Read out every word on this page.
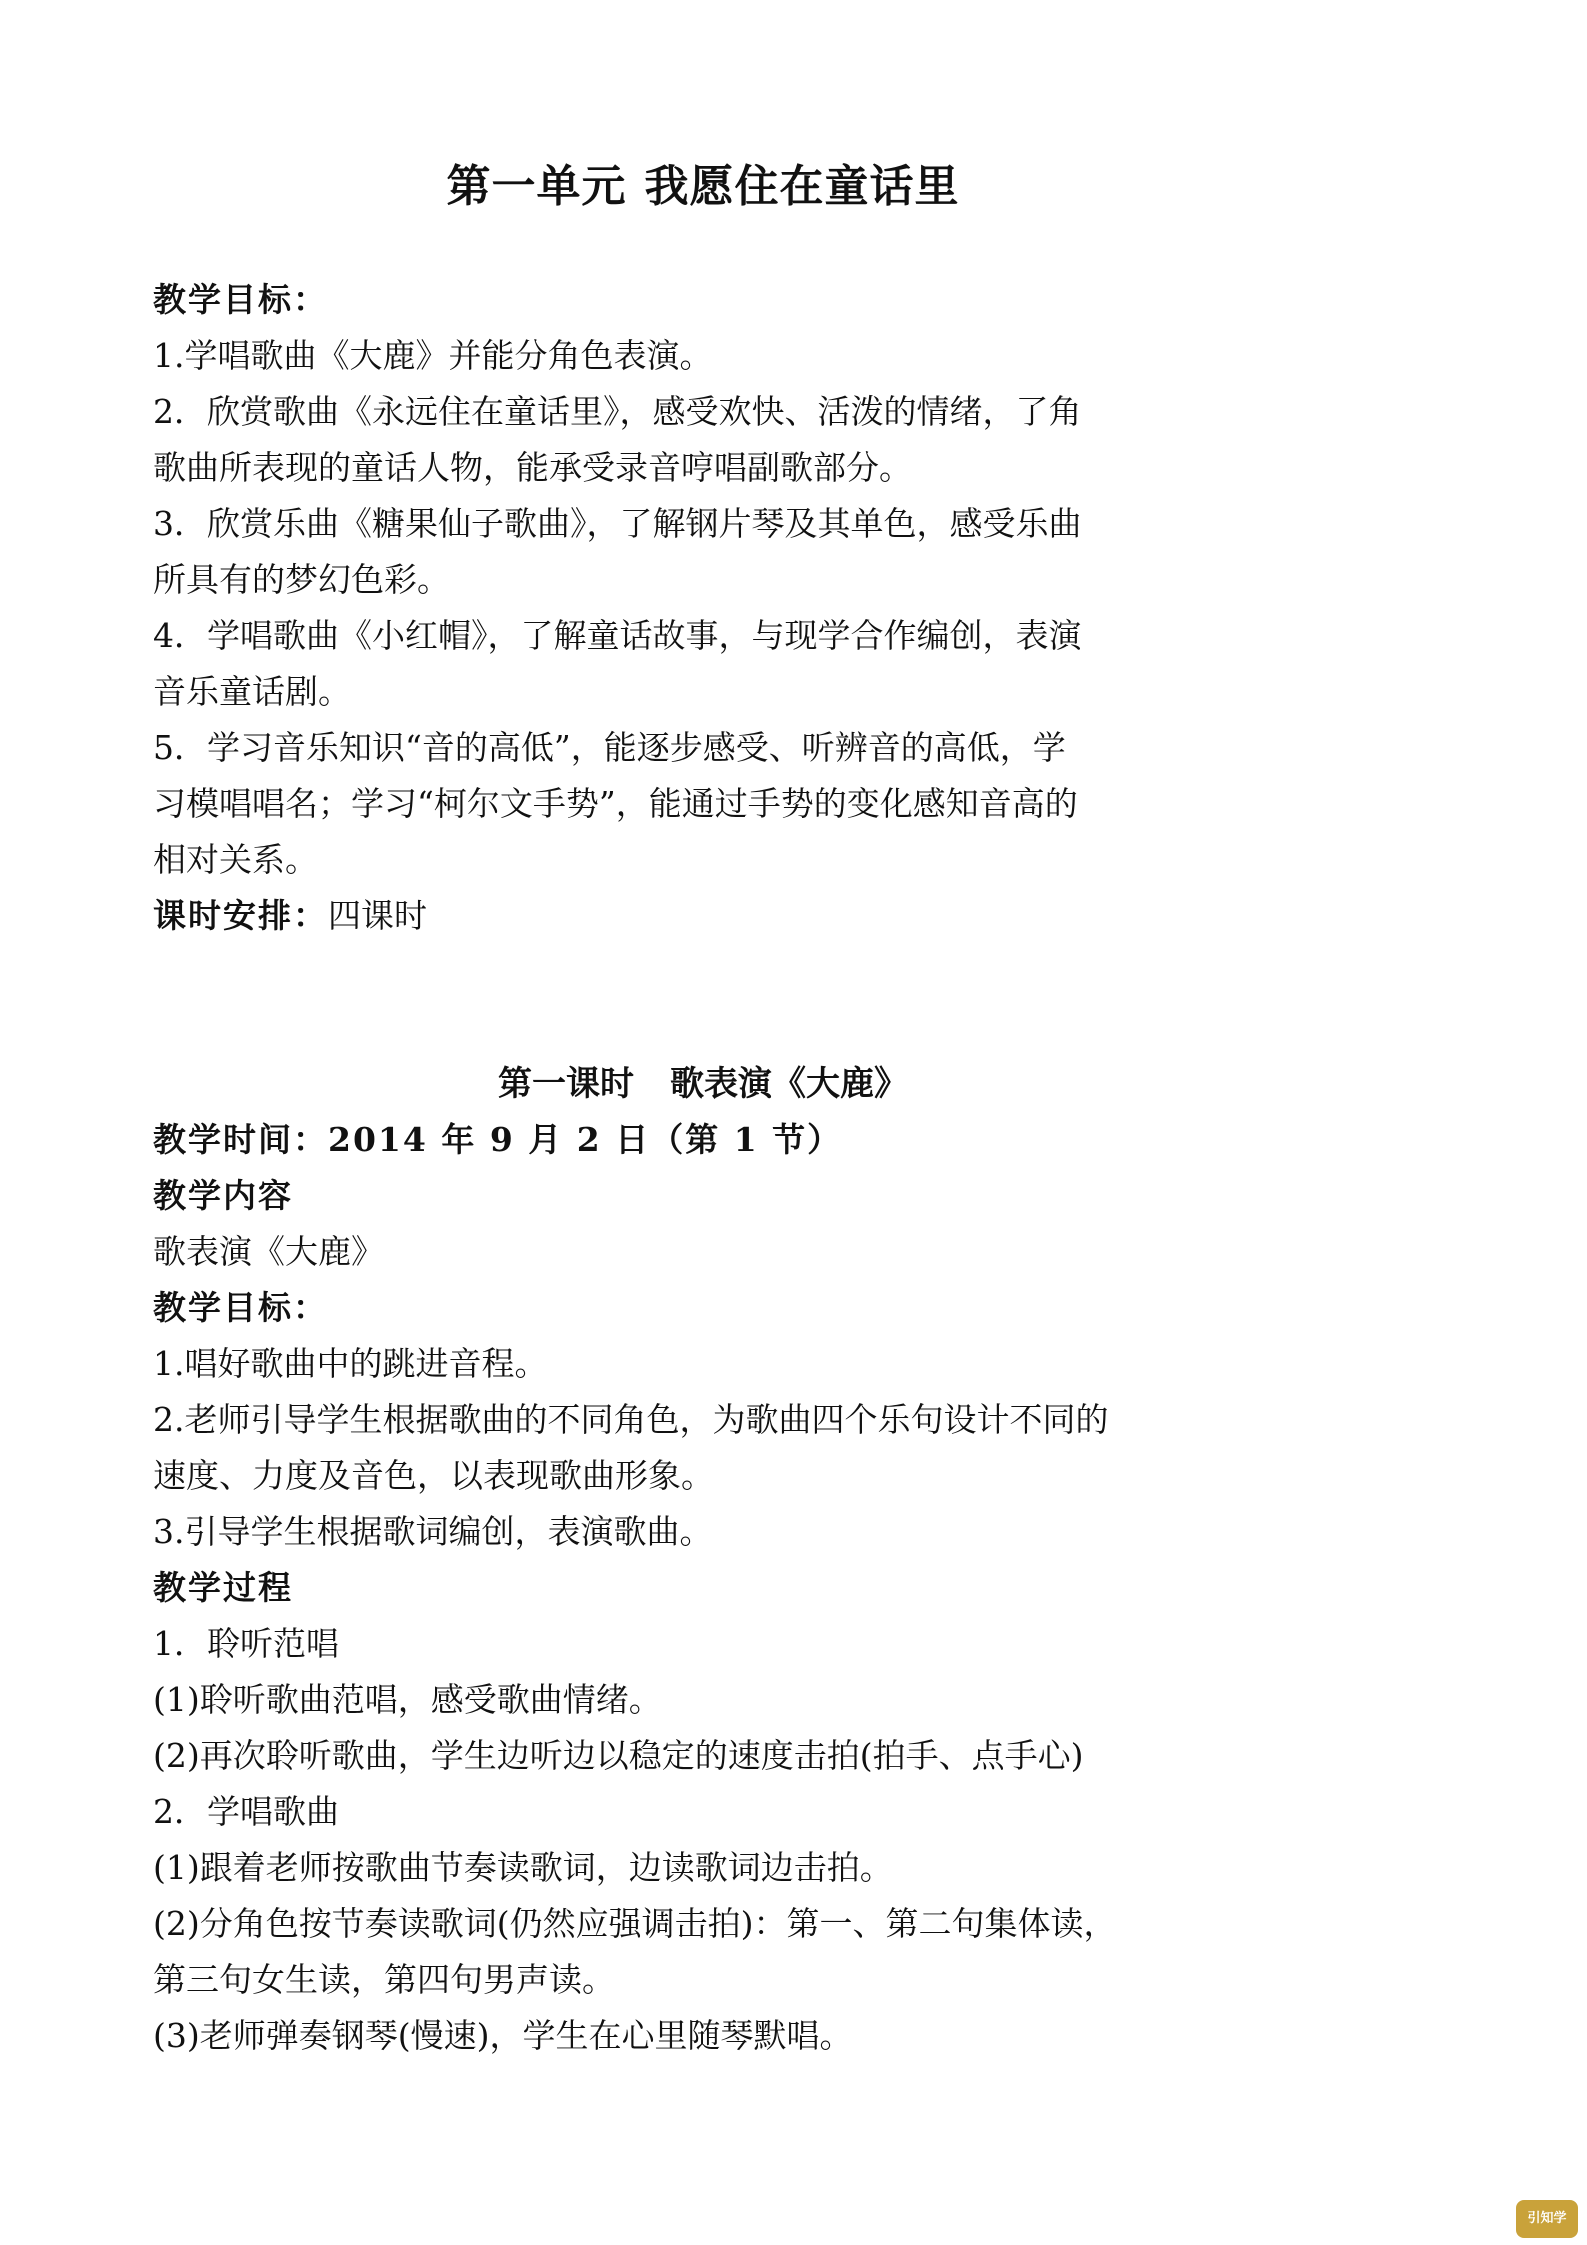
第一单元 我愿住在童话里
教学目标：
1.学唱歌曲《大鹿》并能分角色表演。
2．欣赏歌曲《永远住在童话里》，感受欢快、活泼的情绪，了角
歌曲所表现的童话人物，能承受录音哼唱副歌部分。
3．欣赏乐曲《糖果仙子歌曲》，了解钢片琴及其单色，感受乐曲
所具有的梦幻色彩。
4．学唱歌曲《小红帽》，了解童话故事，与现学合作编创，表演
音乐童话剧。
5．学习音乐知识“音的高低”，能逐步感受、听辨音的高低，学
习模唱唱名；学习“柯尔文手势”，能通过手势的变化感知音高的
相对关系。
课时安排：四课时
第一课时 歌表演《大鹿》
教学时间：2014 年 9 月 2 日（第 1 节）
教学内容
歌表演《大鹿》
教学目标：
1.唱好歌曲中的跳进音程。
2.老师引导学生根据歌曲的不同角色，为歌曲四个乐句设计不同的
速度、力度及音色，以表现歌曲形象。
3.引导学生根据歌词编创，表演歌曲。
教学过程
1．聆听范唱
(1)聆听歌曲范唱，感受歌曲情绪。
(2)再次聆听歌曲，学生边听边以稳定的速度击拍(拍手、点手心)
2．学唱歌曲
(1)跟着老师按歌曲节奏读歌词，边读歌词边击拍。
(2)分角色按节奏读歌词(仍然应强调击拍)：第一、第二句集体读，
第三句女生读，第四句男声读。
(3)老师弹奏钢琴(慢速)，学生在心里随琴默唱。
引知学
